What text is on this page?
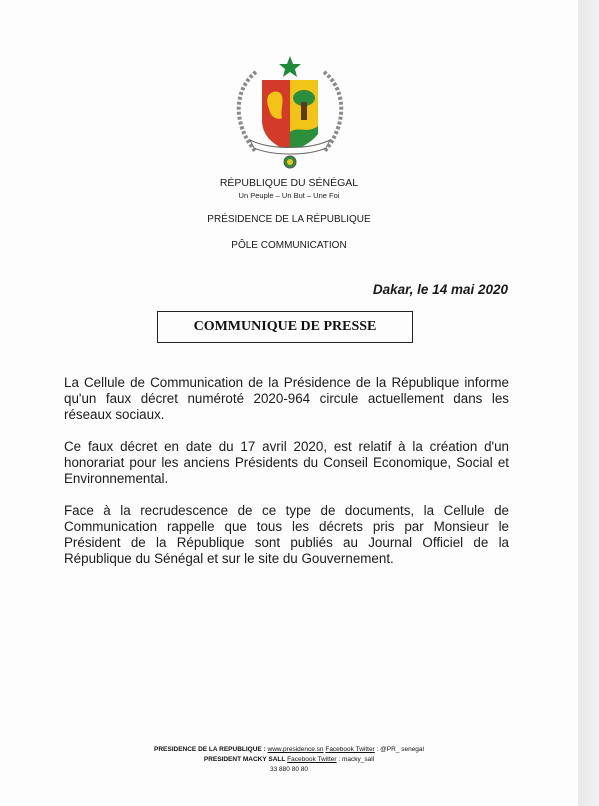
RÉPUBLIQUE DU SÉNÉGAL
Un Peuple – Un But – Une Foi
PRÉSIDENCE DE LA RÉPUBLIQUE
PÔLE COMMUNICATION
Dakar, le 14 mai 2020
COMMUNIQUE DE PRESSE

La Cellule de Communication de la Présidence de la République informe qu'un faux décret numéroté 2020-964 circule actuellement dans les réseaux sociaux.

Ce faux décret en date du 17 avril 2020, est relatif à la création d'un honorariat pour les anciens Présidents du Conseil Economique, Social et Environnemental.

Face à la recrudescence de ce type de documents, la Cellule de Communication rappelle que tous les décrets pris par Monsieur le Président de la République sont publiés au Journal Officiel de la République du Sénégal et sur le site du Gouvernement.

PRESIDENCE DE LA REPUBLIQUE : www.presidence.sn Facebook Twitter : @PR_ senegal
PRESIDENT MACKY SALL Facebook Twitter : macky_sall
33 880 80 80
